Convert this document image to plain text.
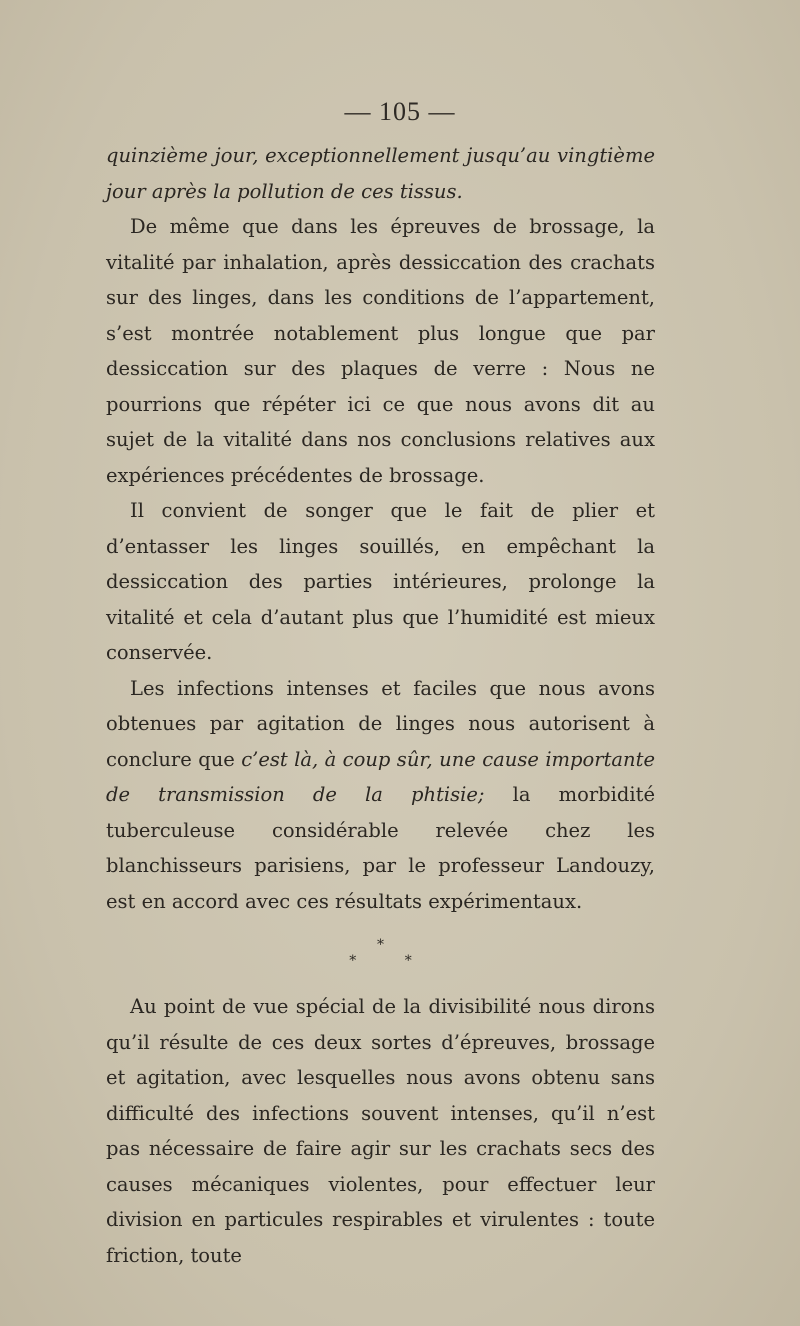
— 105 —

quinzième jour, exceptionnellement jusqu’au vingtième jour après la pollution de ces tissus.

De même que dans les épreuves de brossage, la vitalité par inhalation, après dessiccation des crachats sur des linges, dans les conditions de l’appartement, s’est montrée notablement plus longue que par dessiccation sur des plaques de verre : Nous ne pourrions que répéter ici ce que nous avons dit au sujet de la vitalité dans nos conclusions relatives aux expériences précédentes de brossage.

Il convient de songer que le fait de plier et d’entasser les linges souillés, en empêchant la dessiccation des parties intérieures, prolonge la vitalité et cela d’autant plus que l’humidité est mieux conservée.

Les infections intenses et faciles que nous avons obtenues par agitation de linges nous autorisent à conclure que c’est là, à coup sûr, une cause importante de transmission de la phtisie; la morbidité tuberculeuse considérable relevée chez les blanchisseurs parisiens, par le professeur Landouzy, est en accord avec ces résultats expérimentaux.

*
* *

Au point de vue spécial de la divisibilité nous dirons qu’il résulte de ces deux sortes d’épreuves, brossage et agitation, avec lesquelles nous avons obtenu sans difficulté des infections souvent intenses, qu’il n’est pas nécessaire de faire agir sur les crachats secs des causes mécaniques violentes, pour effectuer leur division en particules respirables et virulentes : toute friction, toute
